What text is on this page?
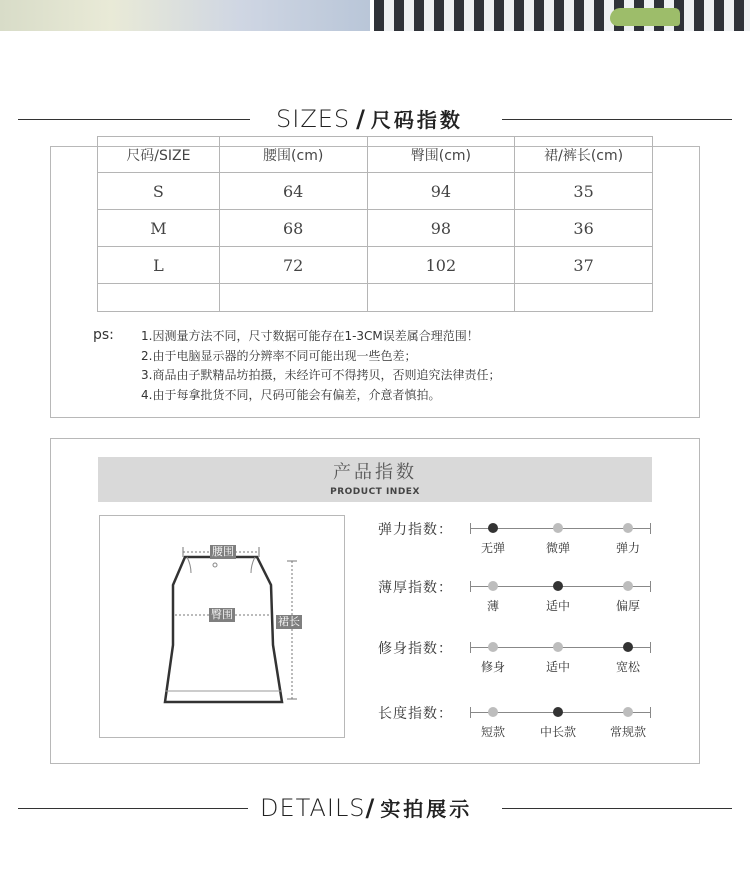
SIZES / 尺码指数
尺码/SIZE	腰围(cm)	臀围(cm)	裙/裤长(cm)
S	64	94	35
M	68	98	36
L	72	102	37

ps: 1.因测量方法不同，尺寸数据可能存在1-3CM误差属合理范围！
2.由于电脑显示器的分辨率不同可能出现一些色差；
3.商品由子默精品坊拍摄，未经许可不得拷贝，否则追究法律责任；
4.由于每拿批货不同，尺码可能会有偏差，介意者慎拍。
产品指数
PRODUCT INDEX
腰围
臀围
裙长
弹力指数：
无弹	微弹	弹力
薄厚指数：
薄	适中	偏厚
修身指数：
修身	适中	宽松
长度指数：
短款	中长款	常规款
DETAILS/ 实拍展示
